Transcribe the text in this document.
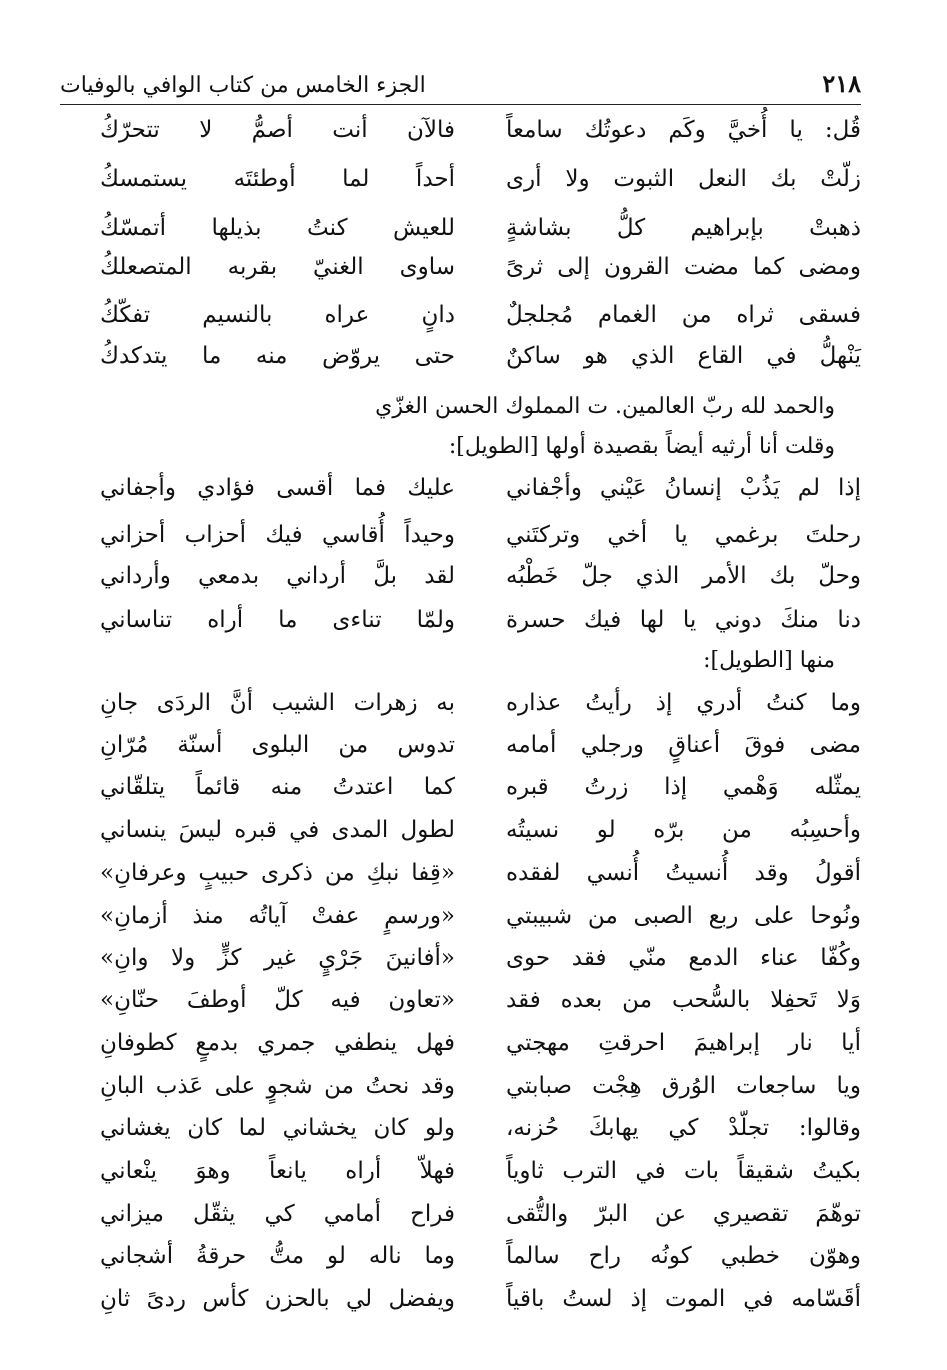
٢١٨
الجزء الخامس من كتاب الوافي بالوفيات
قُل: يا أُخيَّ وكَم دعوتُك سامعاً
فالآن أنت أصمُّ لا تتحرّكُ
زلّتْ بك النعل الثبوت ولا أرى
أحداً لما أوطئتَه يستمسكُ
ذهبتْ بإبراهيم كلُّ بشاشةٍ
للعيش كنتُ بذيلها أتمسّكُ
ومضى كما مضت القرون إلى ثرىً
ساوى الغنيّ بقربه المتصعلكُ
فسقى ثراه من الغمام مُجلجلٌ
دانٍ عراه بالنسيم تفكّكُ
يَنْهلُّ في القاع الذي هو ساكنٌ
حتى يروّض منه ما يتدكدكُ
والحمد لله ربّ العالمين. ت المملوك الحسن الغزّي
وقلت أنا أرثيه أيضاً بقصيدة أولها [الطويل]:
إذا لم يَذُبْ إنسانُ عَيْني وأجْفاني
عليك فما أقسى فؤادي وأجفاني
رحلتَ برغمي يا أخي وتركتَني
وحيداً أُقاسي فيك أحزاب أحزاني
وحلّ بك الأمر الذي جلّ خَطْبُه
لقد بلَّ أرداني بدمعي وأرداني
دنا منكَ دوني يا لها فيك حسرة
ولمّا تناءى ما أراه تناساني
منها [الطويل]:
وما كنتُ أدري إذ رأيتُ عذاره
به زهرات الشيب أنَّ الردَى جانِ
مضى فوقَ أعناقٍ ورجلي أمامه
تدوس من البلوى أسنّة مُرّانِ
يمثّله وَهْمي إذا زرتُ قبره
كما اعتدتُ منه قائماً يتلقّاني
وأحسِبُه من برّه لو نسيتُه
لطول المدى في قبره ليسَ ينساني
أقولُ وقد أُنسيتُ أُنسي لفقده
«قِفا نبكِ من ذكرى حبيبٍ وعرفانِ»
ونُوحا على ربع الصبى من شبيبتي
«ورسمٍ عفتْ آياتُه منذ أزمانِ»
وكُفّا عناء الدمع منّي فقد حوى
«أفانينَ جَرْيٍ غير كزٍّ ولا وانِ»
وَلا تَحفِلا بالسُّحب من بعده فقد
«تعاون فيه كلّ أوطفَ حنّانِ»
أيا نار إبراهيمَ احرقتِ مهجتي
فهل ينطفي جمري بدمعٍ كطوفانِ
ويا ساجعات الوُرق هِجْت صبابتي
وقد نحتُ من شجوٍ على عَذب البانِ
وقالوا: تجلّدْ كي يهابكَ حُزنه،
ولو كان يخشاني لما كان يغشاني
بكيتُ شقيقاً بات في الترب ثاوياً
فهلاّ أراه يانعاً وهوَ ينْعاني
توهّمَ تقصيري عن البرّ والتُّقى
فراح أمامي كي يثقّل ميزاني
وهوّن خطبي كونُه راح سالماً
وما ناله لو متُّ حرقةُ أشجاني
أقَسّامه في الموت إذ لستُ باقياً
ويفضل لي بالحزن كأس ردىً ثانِ
